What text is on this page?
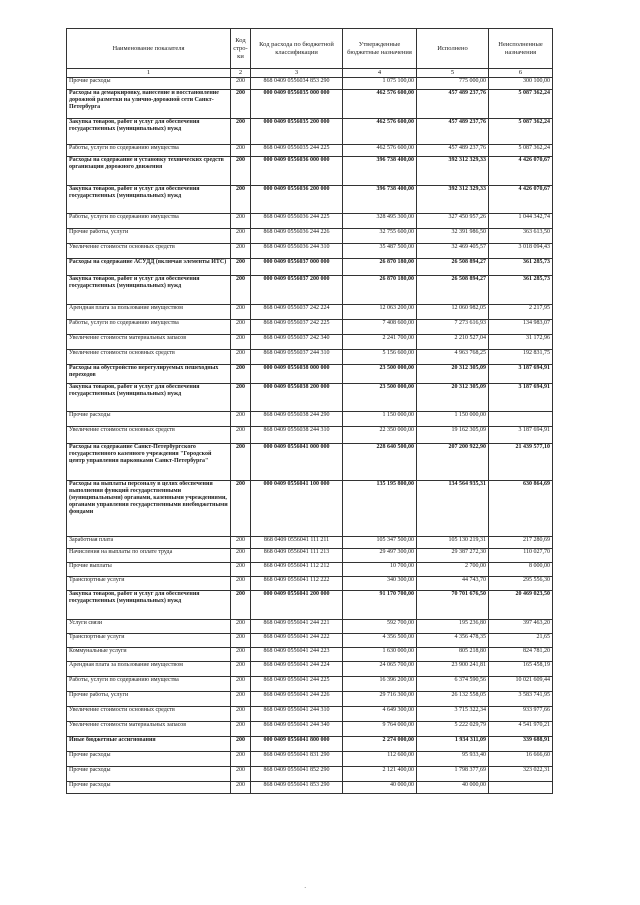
Наименование показателя	Код стро-ки	Код расхода по бюджетной классификации	Утвержденные бюджетные назначения	Исполнено	Неисполненные назначения
1	2	3	4	5	6
Прочие расходы	200	868 0409 0556034 853 290	1 075 100,00	775 000,00	300 100,00
Расходы на демаркировку, нанесение и восстановление дорожной разметки на улично-дорожной сети Санкт-Петербурга	200	000 0409 0556035 000 000	462 576 600,00	457 489 237,76	5 087 362,24
Закупка товаров, работ и услуг для обеспечения государственных (муниципальных) нужд	200	000 0409 0556035 200 000	462 576 600,00	457 489 237,76	5 087 362,24
Работы, услуги по содержанию имущества	200	868 0409 0556035 244 225	462 576 600,00	457 489 237,76	5 087 362,24
Расходы на содержание и установку технических средств организации дорожного движения	200	000 0409 0556036 000 000	396 738 400,00	392 312 329,33	4 426 070,67
Закупка товаров, работ и услуг для обеспечения государственных (муниципальных) нужд	200	000 0409 0556036 200 000	396 738 400,00	392 312 329,33	4 426 070,67
Работы, услуги по содержанию имущества	200	868 0409 0556036 244 225	328 495 300,00	327 450 957,26	1 044 342,74
Прочие работы, услуги	200	868 0409 0556036 244 226	32 755 600,00	32 391 986,50	363 613,50
Увеличение стоимости основных средств	200	868 0409 0556036 244 310	35 487 500,00	32 469 405,57	3 018 094,43
Расходы на содержание АСУДД (включая элементы ИТС)	200	000 0409 0556037 000 000	26 870 180,00	26 508 894,27	361 285,73
Закупка товаров, работ и услуг для обеспечения государственных (муниципальных) нужд	200	000 0409 0556037 200 000	26 870 180,00	26 508 894,27	361 285,73
Арендная плата за пользование имуществом	200	868 0409 0556037 242 224	12 063 200,00	12 060 982,05	2 217,95
Работы, услуги по содержанию имущества	200	868 0409 0556037 242 225	7 408 600,00	7 273 616,93	134 983,07
Увеличение стоимости материальных запасов	200	868 0409 0556037 242 340	2 241 700,00	2 210 527,04	31 172,96
Увеличение стоимости основных средств	200	868 0409 0556037 244 310	5 156 600,00	4 963 768,25	192 831,75
Расходы на обустройство нерегулируемых пешеходных переходов	200	000 0409 0556038 000 000	23 500 000,00	20 312 305,09	3 187 694,91
Закупка товаров, работ и услуг для обеспечения государственных (муниципальных) нужд	200	000 0409 0556038 200 000	23 500 000,00	20 312 305,09	3 187 694,91
Прочие расходы	200	868 0409 0556038 244 290	1 150 000,00	1 150 000,00	
Увеличение стоимости основных средств	200	868 0409 0556038 244 310	22 350 000,00	19 162 305,09	3 187 694,91
Расходы на содержание Санкт-Петербургского государственного казенного учреждения "Городской центр управления парковками Санкт-Петербурга"	200	000 0409 0556041 000 000	228 640 500,00	207 200 922,90	21 439 577,10
Расходы на выплаты персоналу в целях обеспечения выполнения функций государственными (муниципальными) органами, казенными учреждениями, органами управления государственными внебюджетными фондами	200	000 0409 0556041 100 000	135 195 800,00	134 564 935,31	630 864,69
Заработная плата	200	868 0409 0556041 111 211	105 347 500,00	105 130 219,31	217 280,69
Начисления на выплаты по оплате труда	200	868 0409 0556041 111 213	29 497 300,00	29 387 272,30	110 027,70
Прочие выплаты	200	868 0409 0556041 112 212	10 700,00	2 700,00	8 000,00
Транспортные услуги	200	868 0409 0556041 112 222	340 300,00	44 743,70	295 556,30
Закупка товаров, работ и услуг для обеспечения государственных (муниципальных) нужд	200	000 0409 0556041 200 000	91 170 700,00	70 701 676,50	20 469 023,50
Услуги связи	200	868 0409 0556041 244 221	592 700,00	195 236,80	397 463,20
Транспортные услуги	200	868 0409 0556041 244 222	4 356 500,00	4 356 478,35	21,65
Коммунальные услуги	200	868 0409 0556041 244 223	1 630 000,00	805 218,80	824 781,20
Арендная плата за пользование имуществом	200	868 0409 0556041 244 224	24 065 700,00	23 900 241,81	165 458,19
Работы, услуги по содержанию имущества	200	868 0409 0556041 244 225	16 396 200,00	6 374 590,56	10 021 609,44
Прочие работы, услуги	200	868 0409 0556041 244 226	29 716 300,00	26 132 558,05	3 583 741,95
Увеличение стоимости основных средств	200	868 0409 0556041 244 310	4 649 300,00	3 715 322,34	933 977,66
Увеличение стоимости материальных запасов	200	868 0409 0556041 244 340	9 764 000,00	5 222 029,79	4 541 970,21
Иные бюджетные ассигнования	200	000 0409 0556041 800 000	2 274 000,00	1 934 311,09	339 688,91
Прочие расходы	200	868 0409 0556041 831 290	112 600,00	95 933,40	16 666,60
Прочие расходы	200	868 0409 0556041 852 290	2 121 400,00	1 798 377,69	323 022,31
Прочие расходы	200	868 0409 0556041 853 290	40 000,00	40 000,00	
·
